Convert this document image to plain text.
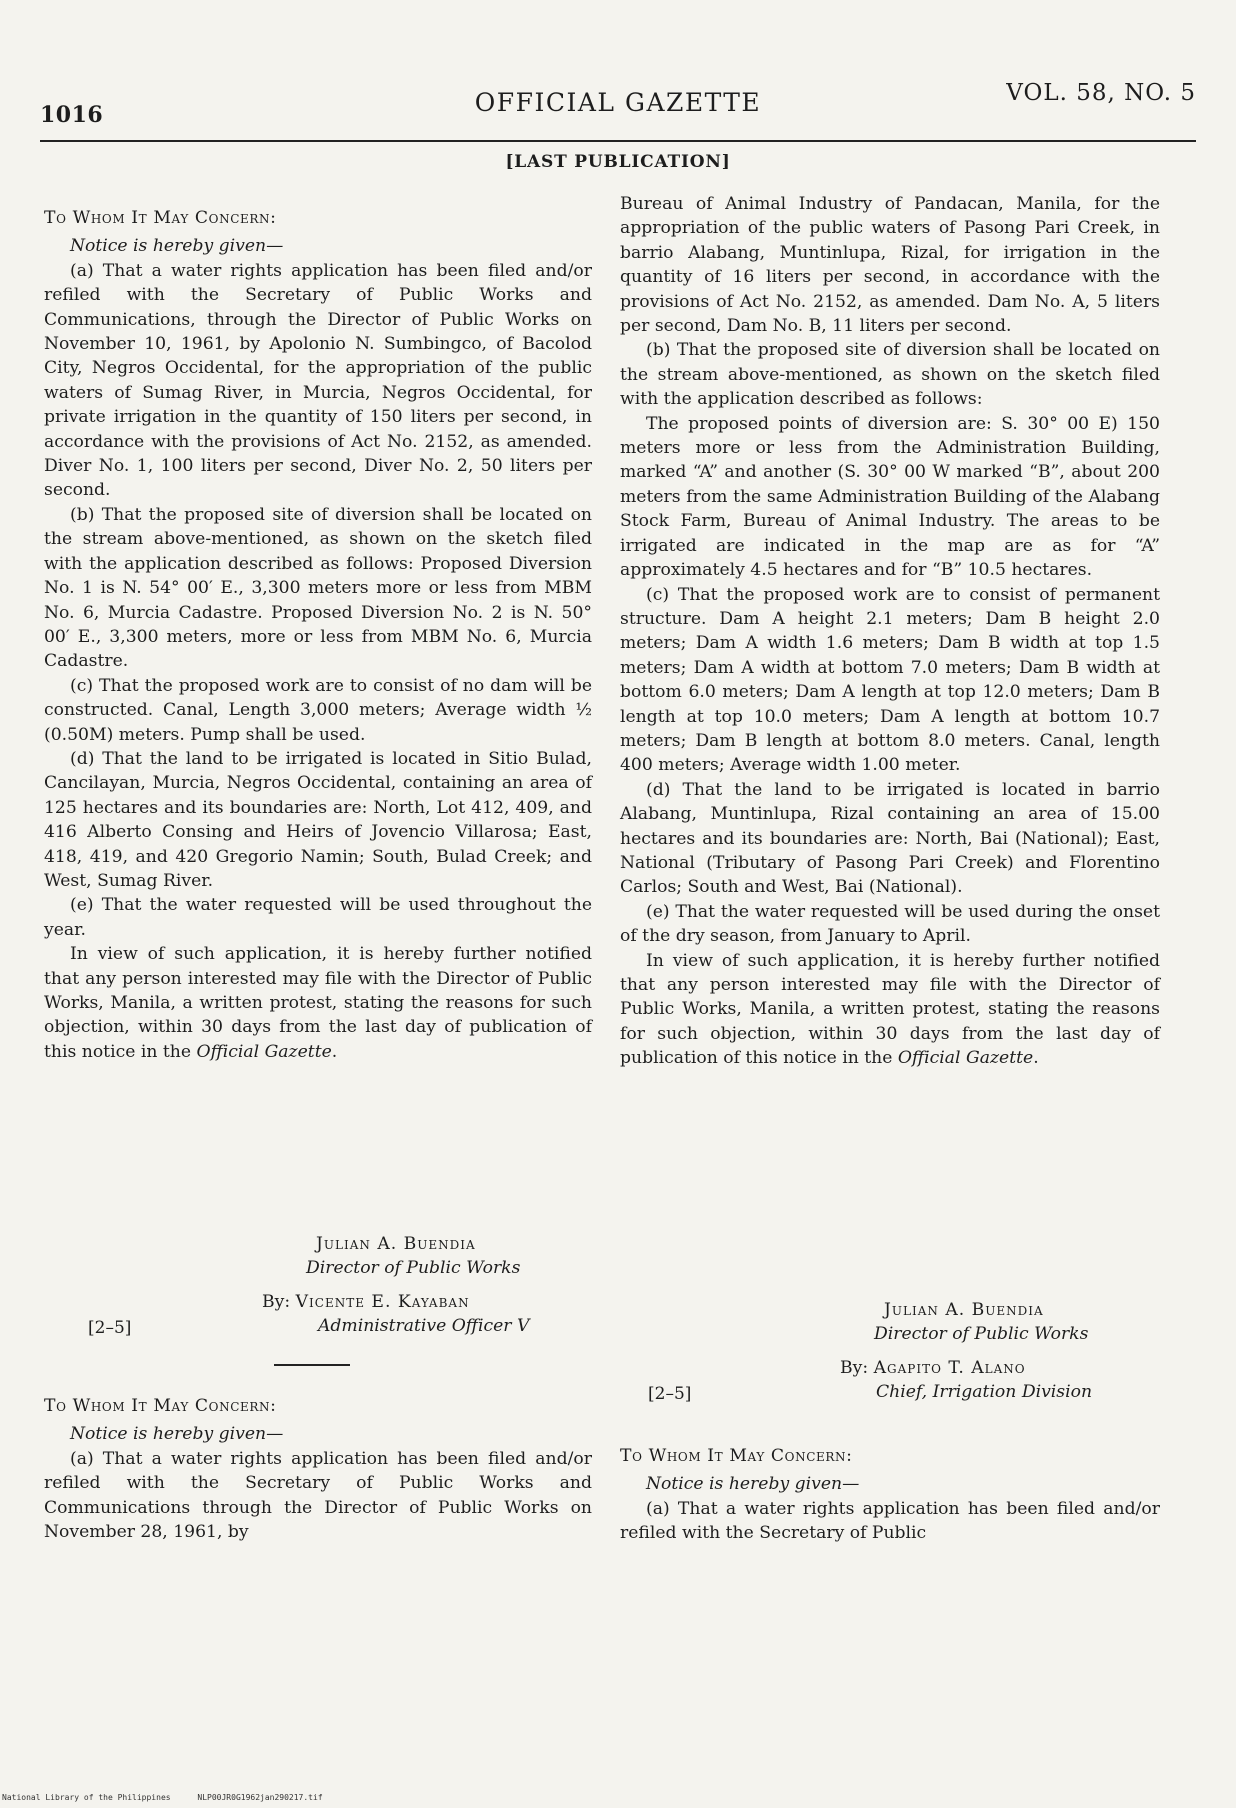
1016	OFFICIAL GAZETTE	VOL. 58, NO. 5
[LAST PUBLICATION]
To Whom It May Concern:

Notice is hereby given—

(a) That a water rights application has been filed and/or refiled with the Secretary of Public Works and Communications, through the Director of Public Works on November 10, 1961, by Apolonio N. Sumbingco, of Bacolod City, Negros Occidental, for the appropriation of the public waters of Sumag River, in Murcia, Negros Occidental, for private irrigation in the quantity of 150 liters per second, in accordance with the provisions of Act No. 2152, as amended. Diver No. 1, 100 liters per second, Diver No. 2, 50 liters per second.

(b) That the proposed site of diversion shall be located on the stream above-mentioned, as shown on the sketch filed with the application described as follows: Proposed Diversion No. 1 is N. 54° 00′ E., 3,300 meters more or less from MBM No. 6, Murcia Cadastre. Proposed Diversion No. 2 is N. 50° 00′ E., 3,300 meters, more or less from MBM No. 6, Murcia Cadastre.

(c) That the proposed work are to consist of no dam will be constructed. Canal, Length 3,000 meters; Average width ½ (0.50M) meters. Pump shall be used.

(d) That the land to be irrigated is located in Sitio Bulad, Cancilayan, Murcia, Negros Occidental, containing an area of 125 hectares and its boundaries are: North, Lot 412, 409, and 416 Alberto Consing and Heirs of Jovencio Villarosa; East, 418, 419, and 420 Gregorio Namin; South, Bulad Creek; and West, Sumag River.

(e) That the water requested will be used throughout the year.

In view of such application, it is hereby further notified that any person interested may file with the Director of Public Works, Manila, a written protest, stating the reasons for such objection, within 30 days from the last day of publication of this notice in the Official Gazette.

Julian A. Buendia
Director of Public Works
By: Vicente E. Kayaban
Administrative Officer V
[2–5]
To Whom It May Concern:

Notice is hereby given—

(a) That a water rights application has been filed and/or refiled with the Secretary of Public Works and Communications through the Director of Public Works on November 28, 1961, by

Bureau of Animal Industry of Pandacan, Manila, for the appropriation of the public waters of Pasong Pari Creek, in barrio Alabang, Muntinlupa, Rizal, for irrigation in the quantity of 16 liters per second, in accordance with the provisions of Act No. 2152, as amended. Dam No. A, 5 liters per second, Dam No. B, 11 liters per second.

(b) That the proposed site of diversion shall be located on the stream above-mentioned, as shown on the sketch filed with the application described as follows:

The proposed points of diversion are: S. 30° 00 E) 150 meters more or less from the Administration Building, marked “A” and another (S. 30° 00 W marked “B”, about 200 meters from the same Administration Building of the Alabang Stock Farm, Bureau of Animal Industry. The areas to be irrigated are indicated in the map are as for “A” approximately 4.5 hectares and for “B” 10.5 hectares.

(c) That the proposed work are to consist of permanent structure. Dam A height 2.1 meters; Dam B height 2.0 meters; Dam A width 1.6 meters; Dam B width at top 1.5 meters; Dam A width at bottom 7.0 meters; Dam B width at bottom 6.0 meters; Dam A length at top 12.0 meters; Dam B length at top 10.0 meters; Dam A length at bottom 10.7 meters; Dam B length at bottom 8.0 meters. Canal, length 400 meters; Average width 1.00 meter.

(d) That the land to be irrigated is located in barrio Alabang, Muntinlupa, Rizal containing an area of 15.00 hectares and its boundaries are: North, Bai (National); East, National (Tributary of Pasong Pari Creek) and Florentino Carlos; South and West, Bai (National).

(e) That the water requested will be used during the onset of the dry season, from January to April.

In view of such application, it is hereby further notified that any person interested may file with the Director of Public Works, Manila, a written protest, stating the reasons for such objection, within 30 days from the last day of publication of this notice in the Official Gazette.

Julian A. Buendia
Director of Public Works
By: Agapito T. Alano
Chief, Irrigation Division
[2–5]
To Whom It May Concern:

Notice is hereby given—

(a) That a water rights application has been filed and/or refiled with the Secretary of Public

National Library of the Philippines	NLP00JR0G1962jan290217.tif
